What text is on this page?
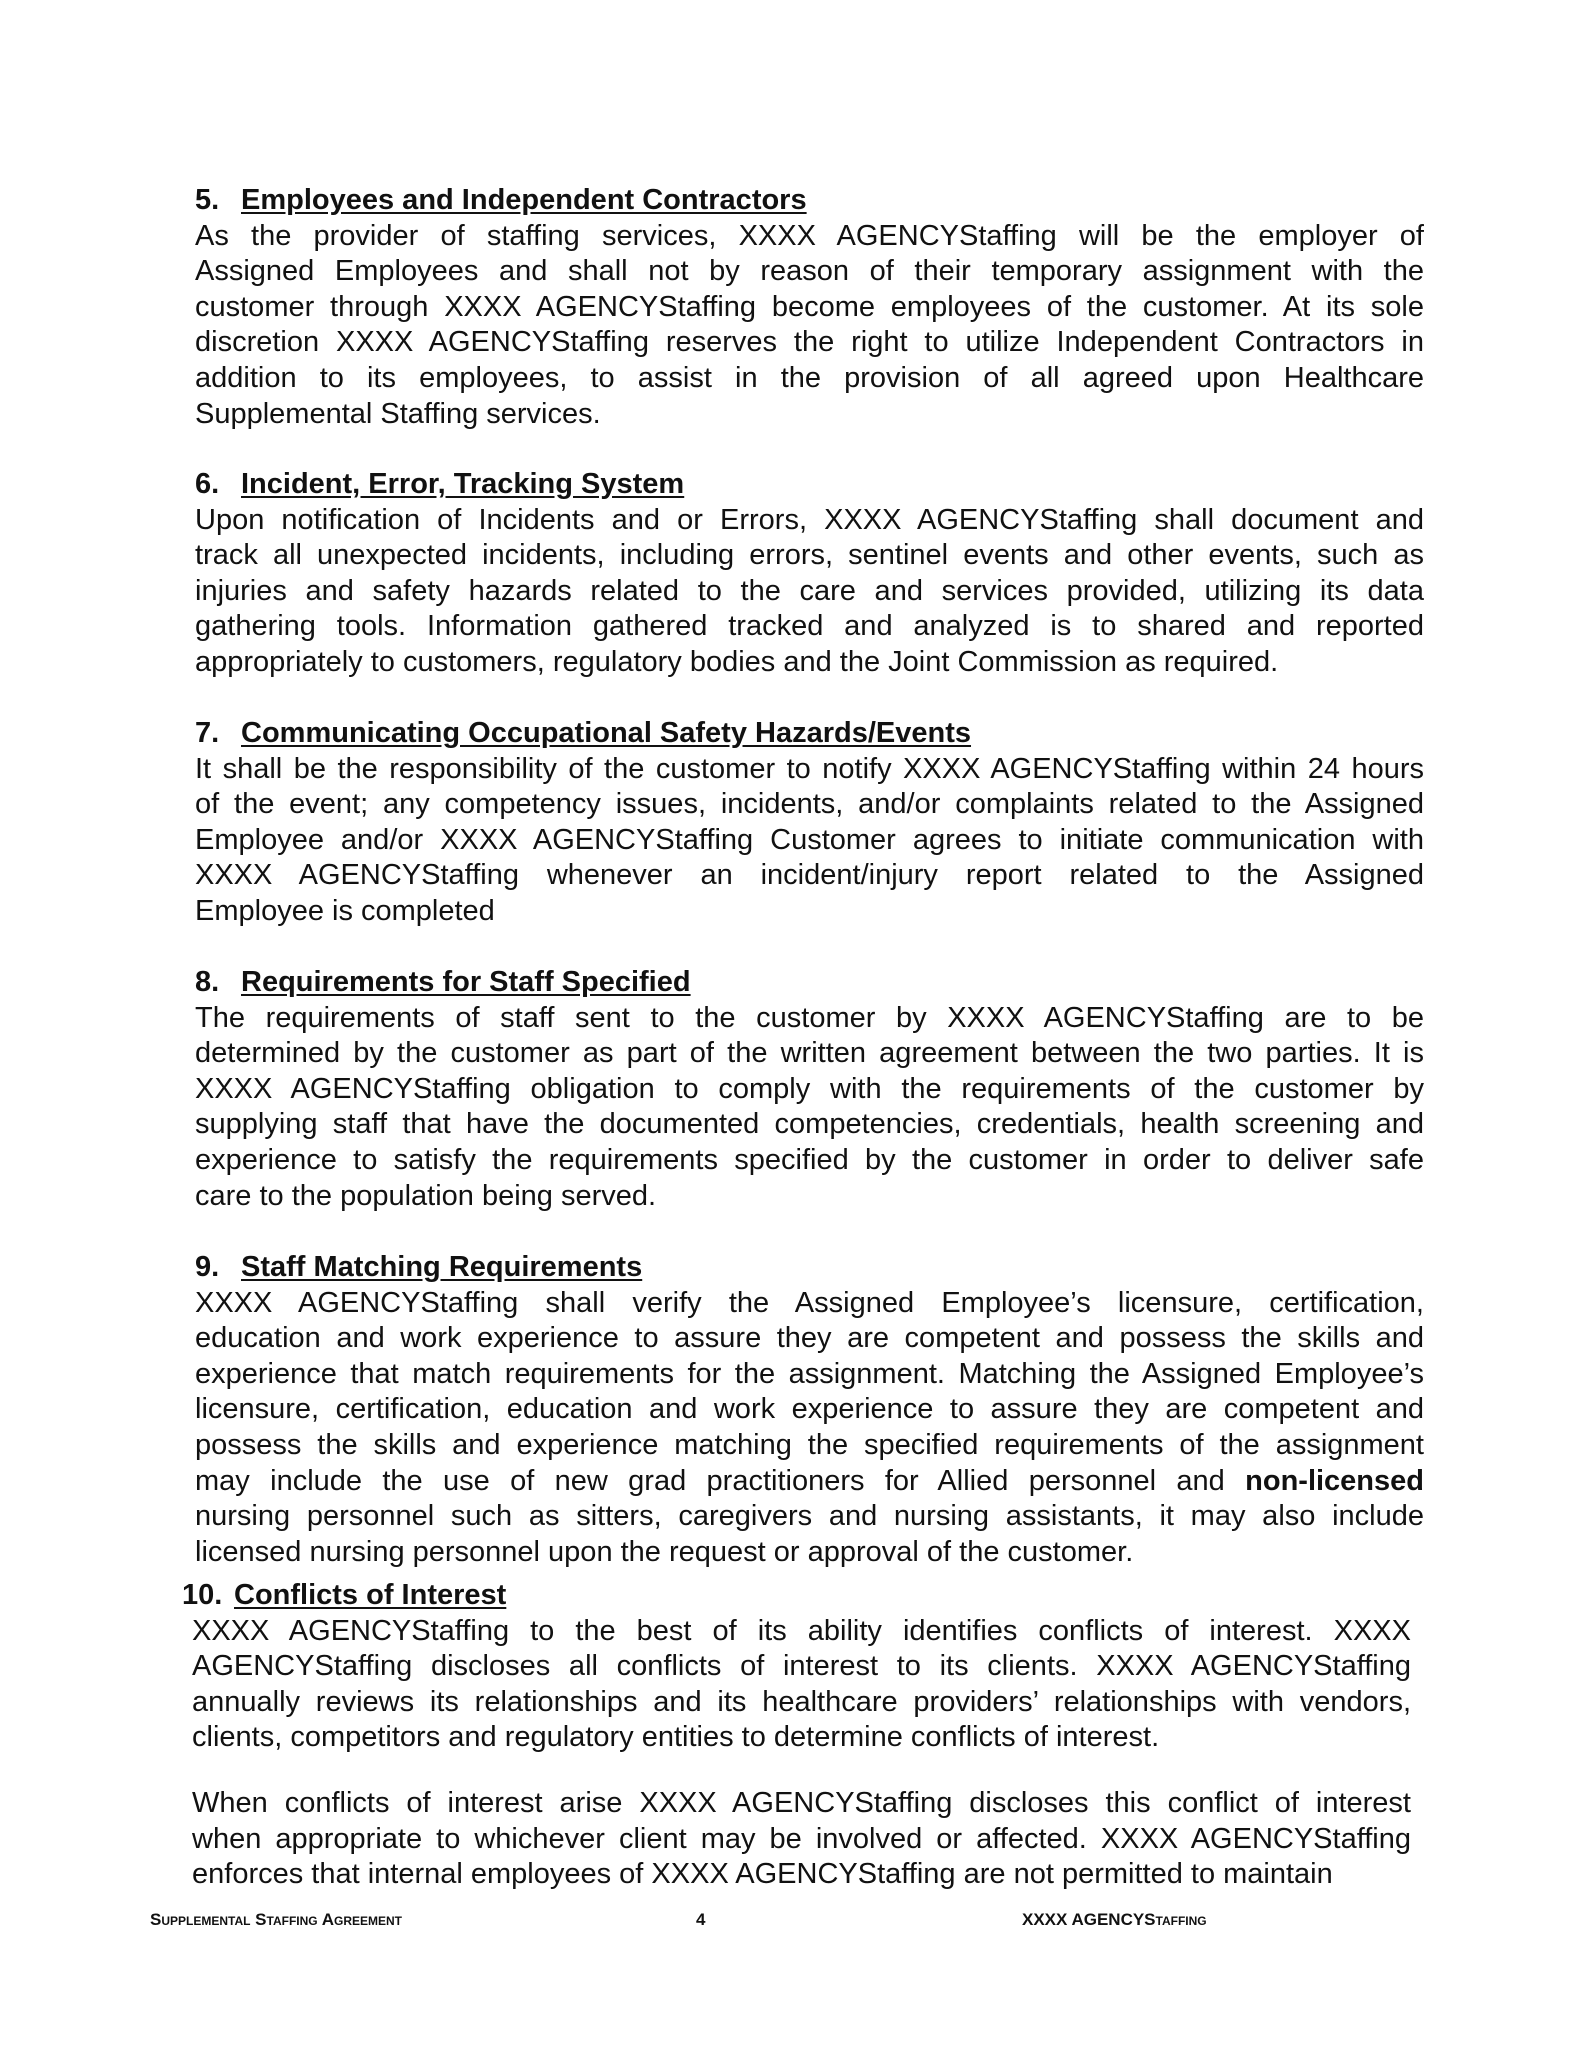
5. Employees and Independent Contractors
As the provider of staffing services, XXXX AGENCYStaffing will be the employer of
Assigned Employees and shall not by reason of their temporary assignment with the
customer through XXXX AGENCYStaffing become employees of the customer. At its sole
discretion XXXX AGENCYStaffing reserves the right to utilize Independent Contractors in
addition to its employees, to assist in the provision of all agreed upon Healthcare
Supplemental Staffing services.
6. Incident, Error, Tracking System
Upon notification of Incidents and or Errors, XXXX AGENCYStaffing shall document and
track all unexpected incidents, including errors, sentinel events and other events, such as
injuries and safety hazards related to the care and services provided, utilizing its data
gathering tools. Information gathered tracked and analyzed is to shared and reported
appropriately to customers, regulatory bodies and the Joint Commission as required.
7. Communicating Occupational Safety Hazards/Events
It shall be the responsibility of the customer to notify XXXX AGENCYStaffing within 24 hours
of the event; any competency issues, incidents, and/or complaints related to the Assigned
Employee and/or XXXX AGENCYStaffing Customer agrees to initiate communication with
XXXX AGENCYStaffing whenever an incident/injury report related to the Assigned
Employee is completed
8. Requirements for Staff Specified
The requirements of staff sent to the customer by XXXX AGENCYStaffing are to be
determined by the customer as part of the written agreement between the two parties. It is
XXXX AGENCYStaffing obligation to comply with the requirements of the customer by
supplying staff that have the documented competencies, credentials, health screening and
experience to satisfy the requirements specified by the customer in order to deliver safe
care to the population being served.
9. Staff Matching Requirements
XXXX AGENCYStaffing shall verify the Assigned Employee’s licensure, certification,
education and work experience to assure they are competent and possess the skills and
experience that match requirements for the assignment. Matching the Assigned Employee’s
licensure, certification, education and work experience to assure they are competent and
possess the skills and experience matching the specified requirements of the assignment
may include the use of new grad practitioners for Allied personnel and non-licensed
nursing personnel such as sitters, caregivers and nursing assistants, it may also include
licensed nursing personnel upon the request or approval of the customer.
10. Conflicts of Interest
XXXX AGENCYStaffing to the best of its ability identifies conflicts of interest. XXXX
AGENCYStaffing discloses all conflicts of interest to its clients. XXXX AGENCYStaffing
annually reviews its relationships and its healthcare providers’ relationships with vendors,
clients, competitors and regulatory entities to determine conflicts of interest.
When conflicts of interest arise XXXX AGENCYStaffing discloses this conflict of interest
when appropriate to whichever client may be involved or affected. XXXX AGENCYStaffing
enforces that internal employees of XXXX AGENCYStaffing are not permitted to maintain
Supplemental Staffing Agreement	4	XXXX AGENCYStaffing
